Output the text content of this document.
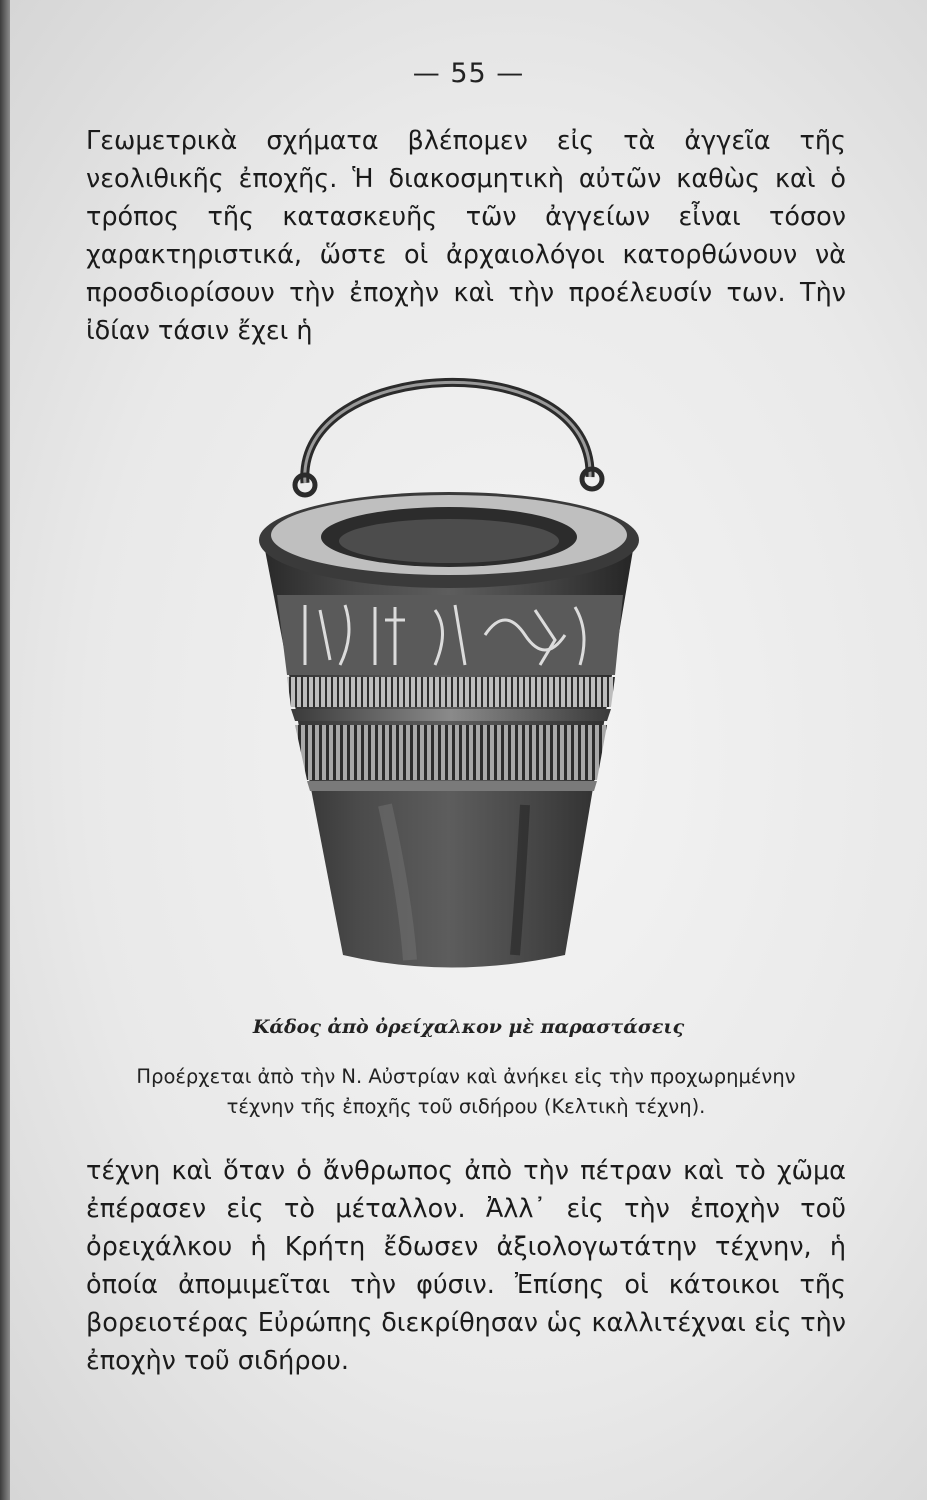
— 55 —

Γεωμετρικὰ σχήματα βλέπομεν εἰς τὰ ἀγγεῖα τῆς νεολιθικῆς ἐποχῆς. Ἡ διακοσμητικὴ αὐτῶν καθὼς καὶ ὁ τρόπος τῆς κατασκευῆς τῶν ἀγγείων εἶναι τόσον χαρακτηριστικά, ὥστε οἱ ἀρχαιολόγοι κατορθώνουν νὰ προσδιορίσουν τὴν ἐποχὴν καὶ τὴν προέλευσίν των. Τὴν ἰδίαν τάσιν ἔχει ἡ

Κάδος ἀπὸ ὀρείχαλκον μὲ παραστάσεις

Προέρχεται ἀπὸ τὴν Ν. Αὐστρίαν καὶ ἀνήκει εἰς τὴν προχωρημένην τέχνην τῆς ἐποχῆς τοῦ σιδήρου (Κελτικὴ τέχνη).

τέχνη καὶ ὅταν ὁ ἄνθρωπος ἀπὸ τὴν πέτραν καὶ τὸ χῶμα ἐπέρασεν εἰς τὸ μέταλλον. Ἀλλ᾽ εἰς τὴν ἐποχὴν τοῦ ὀρειχάλκου ἡ Κρήτη ἔδωσεν ἀξιολογωτάτην τέχνην, ἡ ὁποία ἀπομιμεῖται τὴν φύσιν. Ἐπίσης οἱ κάτοικοι τῆς βορειοτέρας Εὐρώπης διεκρίθησαν ὡς καλλιτέχναι εἰς τὴν ἐποχὴν τοῦ σιδήρου.
